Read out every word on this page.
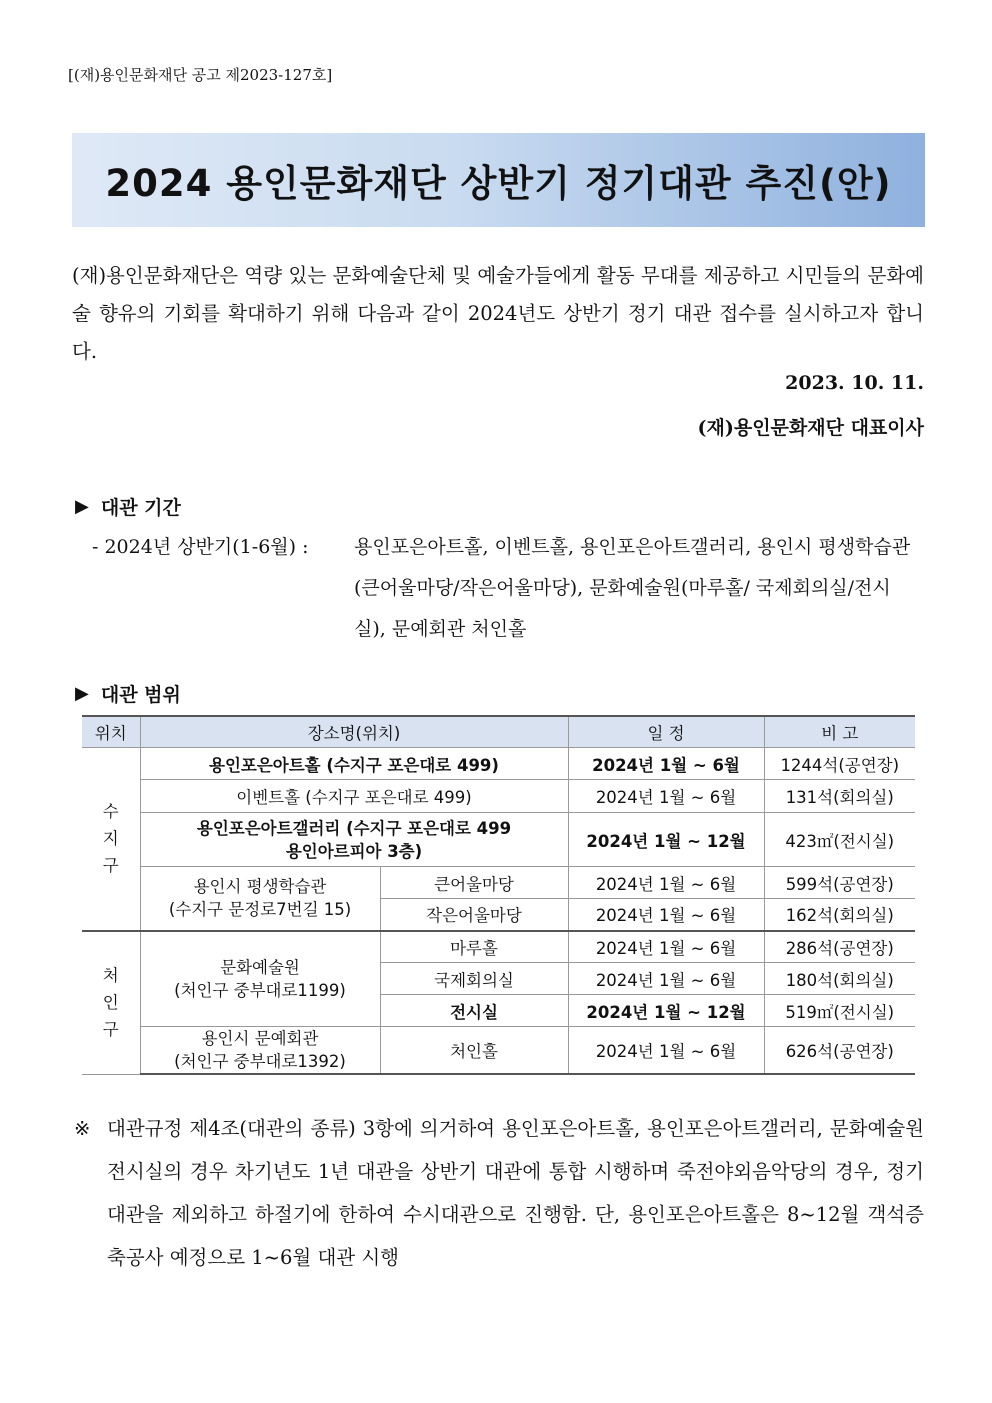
[(재)용인문화재단 공고 제2023-127호]
2024 용인문화재단 상반기 정기대관 추진(안)
(재)용인문화재단은 역량 있는 문화예술단체 및 예술가들에게 활동 무대를 제공하고 시민들의 문화예술 향유의 기회를 확대하기 위해 다음과 같이 2024년도 상반기 정기 대관 접수를 실시하고자 합니다.
2023. 10. 11.
(재)용인문화재단 대표이사
▶ 대관 기간
- 2024년 상반기(1-6월) : 용인포은아트홀, 이벤트홀, 용인포은아트갤러리, 용인시 평생학습관(큰어울마당/작은어울마당), 문화예술원(마루홀/ 국제회의실/전시실), 문예회관 처인홀
▶ 대관 범위
위치	장소명(위치)		일 정	비 고
수
지
구	용인포은아트홀 (수지구 포은대로 499)		2024년 1월 ~ 6월	1244석(공연장)
	이벤트홀 (수지구 포은대로 499)		2024년 1월 ~ 6월	131석(회의실)
	용인포은아트갤러리 (수지구 포은대로 499
용인아르피아 3층)		2024년 1월 ~ 12월	423㎡(전시실)
	용인시 평생학습관
(수지구 문정로7번길 15)	큰어울마당	2024년 1월 ~ 6월	599석(공연장)
		작은어울마당	2024년 1월 ~ 6월	162석(회의실)
처
인
구	문화예술원
(처인구 중부대로1199)	마루홀	2024년 1월 ~ 6월	286석(공연장)
		국제회의실	2024년 1월 ~ 6월	180석(회의실)
		전시실	2024년 1월 ~ 12월	519㎡(전시실)
	용인시 문예회관
(처인구 중부대로1392)	처인홀	2024년 1월 ~ 6월	626석(공연장)
※ 대관규정 제4조(대관의 종류) 3항에 의거하여 용인포은아트홀, 용인포은아트갤러리, 문화예술원 전시실의 경우 차기년도 1년 대관을 상반기 대관에 통합 시행하며 죽전야외음악당의 경우, 정기대관을 제외하고 하절기에 한하여 수시대관으로 진행함. 단, 용인포은아트홀은 8~12월 객석증축공사 예정으로 1~6월 대관 시행
